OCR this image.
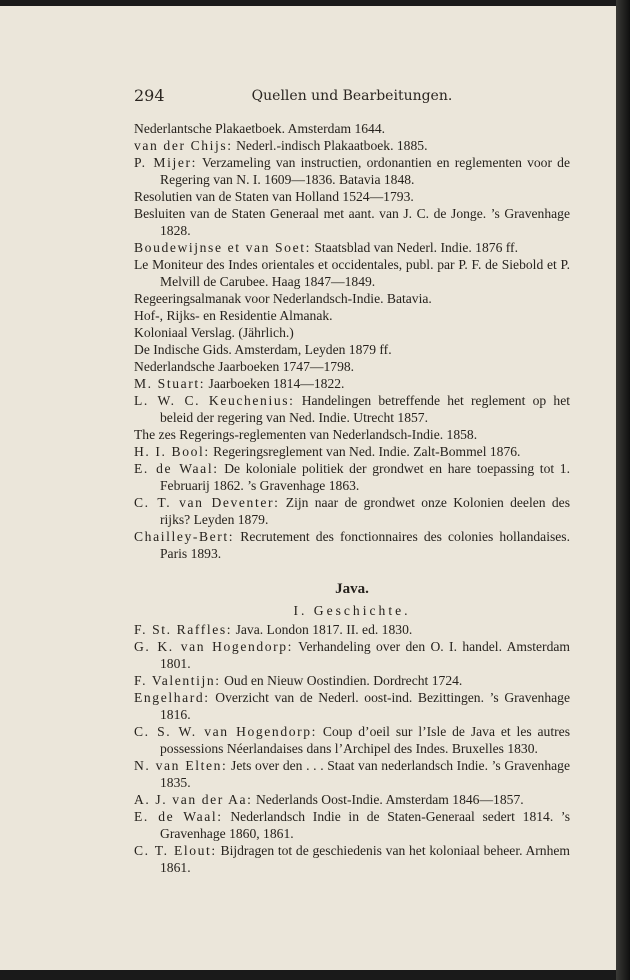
294	Quellen und Bearbeitungen.

Nederlantsche Plakaetboek. Amsterdam 1644.

van der Chijs: Nederl.-indisch Plakaatboek. 1885.

P. Mijer: Verzameling van instructien, ordonantien en reglementen voor de Regering van N. I. 1609—1836. Batavia 1848.

Resolutien van de Staten van Holland 1524—1793.

Besluiten van de Staten Generaal met aant. van J. C. de Jonge. ’s Gravenhage 1828.

Boudewijnse et van Soet: Staatsblad van Nederl. Indie. 1876 ff.

Le Moniteur des Indes orientales et occidentales, publ. par P. F. de Siebold et P. Melvill de Carubee. Haag 1847—1849.

Regeeringsalmanak voor Nederlandsch-Indie. Batavia.

Hof-, Rijks- en Residentie Almanak.

Koloniaal Verslag. (Jährlich.)

De Indische Gids. Amsterdam, Leyden 1879 ff.

Nederlandsche Jaarboeken 1747—1798.

M. Stuart: Jaarboeken 1814—1822.

L. W. C. Keuchenius: Handelingen betreffende het reglement op het beleid der regering van Ned. Indie. Utrecht 1857.

The zes Regerings-reglementen van Nederlandsch-Indie. 1858.

H. I. Bool: Regeringsreglement van Ned. Indie. Zalt-Bommel 1876.

E. de Waal: De koloniale politiek der grondwet en hare toepassing tot 1. Februarij 1862. ’s Gravenhage 1863.

C. T. van Deventer: Zijn naar de grondwet onze Kolonien deelen des rijks? Leyden 1879.

Chailley-Bert: Recrutement des fonctionnaires des colonies hollandaises. Paris 1893.

Java.
I. Geschichte.

F. St. Raffles: Java. London 1817. II. ed. 1830.

G. K. van Hogendorp: Verhandeling over den O. I. handel. Amsterdam 1801.

F. Valentijn: Oud en Nieuw Oostindien. Dordrecht 1724.

Engelhard: Overzicht van de Nederl. oost-ind. Bezittingen. ’s Gravenhage 1816.

C. S. W. van Hogendorp: Coup d’oeil sur l’Isle de Java et les autres possessions Néerlandaises dans l’Archipel des Indes. Bruxelles 1830.

N. van Elten: Jets over den . . . Staat van nederlandsch Indie. ’s Gravenhage 1835.

A. J. van der Aa: Nederlands Oost-Indie. Amsterdam 1846—1857.

E. de Waal: Nederlandsch Indie in de Staten-Generaal sedert 1814. ’s Gravenhage 1860, 1861.

C. T. Elout: Bijdragen tot de geschiedenis van het koloniaal beheer. Arnhem 1861.
